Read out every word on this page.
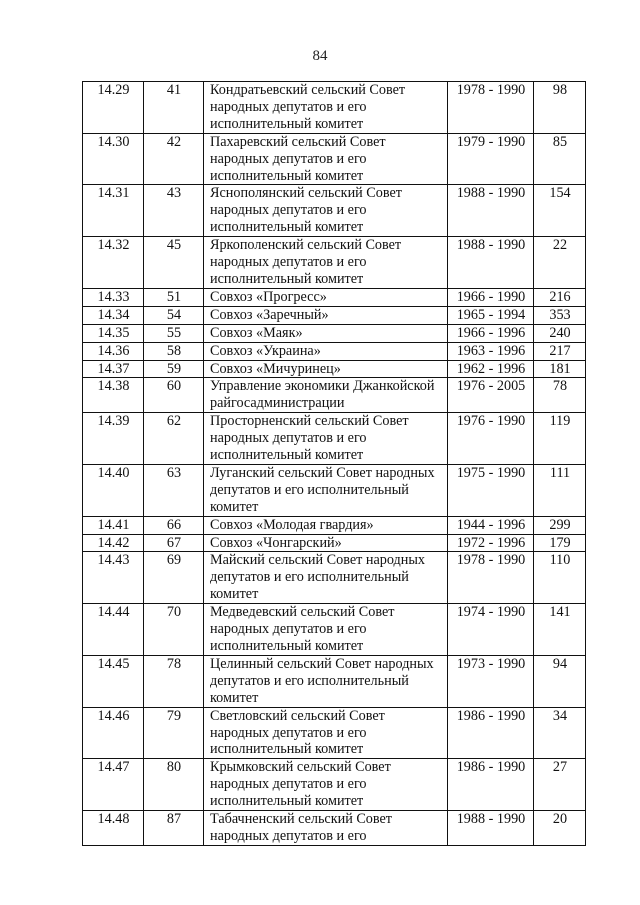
84
14.29	41	Кондратьевский сельский Совет народных депутатов и его исполнительный комитет	1978 - 1990	98
14.30	42	Пахаревский сельский Совет народных депутатов и его исполнительный комитет	1979 - 1990	85
14.31	43	Яснополянский сельский Совет народных депутатов и его исполнительный комитет	1988 - 1990	154
14.32	45	Яркополенский сельский Совет народных депутатов и его исполнительный комитет	1988 - 1990	22
14.33	51	Совхоз «Прогресс»	1966 - 1990	216
14.34	54	Совхоз «Заречный»	1965 - 1994	353
14.35	55	Совхоз «Маяк»	1966 - 1996	240
14.36	58	Совхоз «Украина»	1963 - 1996	217
14.37	59	Совхоз «Мичуринец»	1962 - 1996	181
14.38	60	Управление экономики Джанкойской райгосадминистрации	1976 - 2005	78
14.39	62	Просторненский сельский Совет народных депутатов и его исполнительный комитет	1976 - 1990	119
14.40	63	Луганский сельский Совет народных депутатов и его исполнительный комитет	1975 - 1990	111
14.41	66	Совхоз «Молодая гвардия»	1944 - 1996	299
14.42	67	Совхоз «Чонгарский»	1972 - 1996	179
14.43	69	Майский сельский Совет народных депутатов и его исполнительный комитет	1978 - 1990	110
14.44	70	Медведевский сельский Совет народных депутатов и его исполнительный комитет	1974 - 1990	141
14.45	78	Целинный сельский Совет народных депутатов и его исполнительный комитет	1973 - 1990	94
14.46	79	Светловский сельский Совет народных депутатов и его исполнительный комитет	1986 - 1990	34
14.47	80	Крымковский сельский Совет народных депутатов и его исполнительный комитет	1986 - 1990	27
14.48	87	Табачненский сельский Совет народных депутатов и его	1988 - 1990	20
